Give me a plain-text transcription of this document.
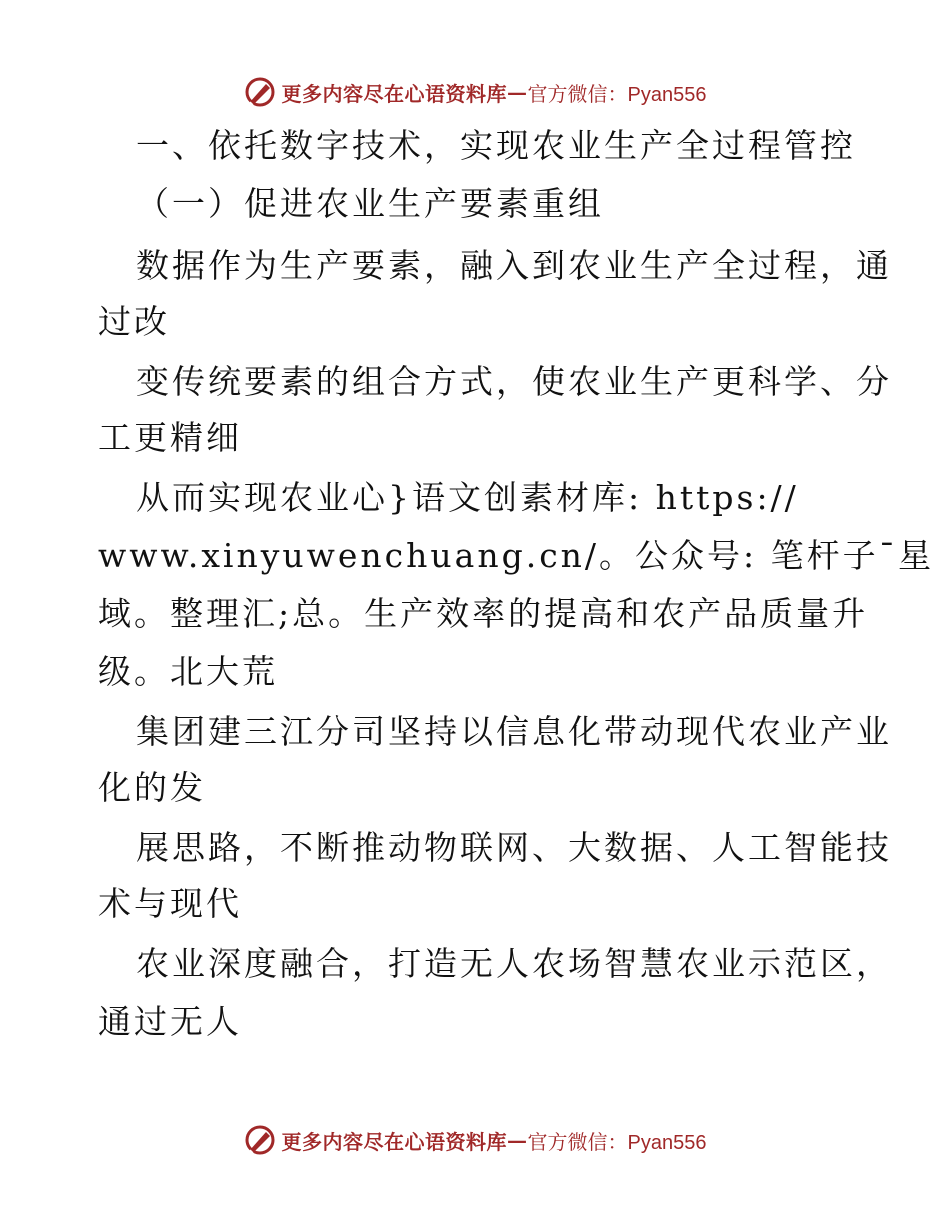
更多内容尽在心语资料库 — 官方微信：Pyan556
一、依托数字技术，实现农业生产全过程管控
（一）促进农业生产要素重组
数据作为生产要素，融入到农业生产全过程，通
过改
变传统要素的组合方式，使农业生产更科学、分
工更精细
从而实现农业心}语文创素材库: https://
www.xinyuwenchuang.cn/。公众号: 笔杆子¯星
域。整理汇;总。生产效率的提高和农产品质量升
级。北大荒
集团建三江分司坚持以信息化带动现代农业产业
化的发
展思路，不断推动物联网、大数据、人工智能技
术与现代
农业深度融合，打造无人农场智慧农业示范区，
通过无人
更多内容尽在心语资料库 — 官方微信：Pyan556
